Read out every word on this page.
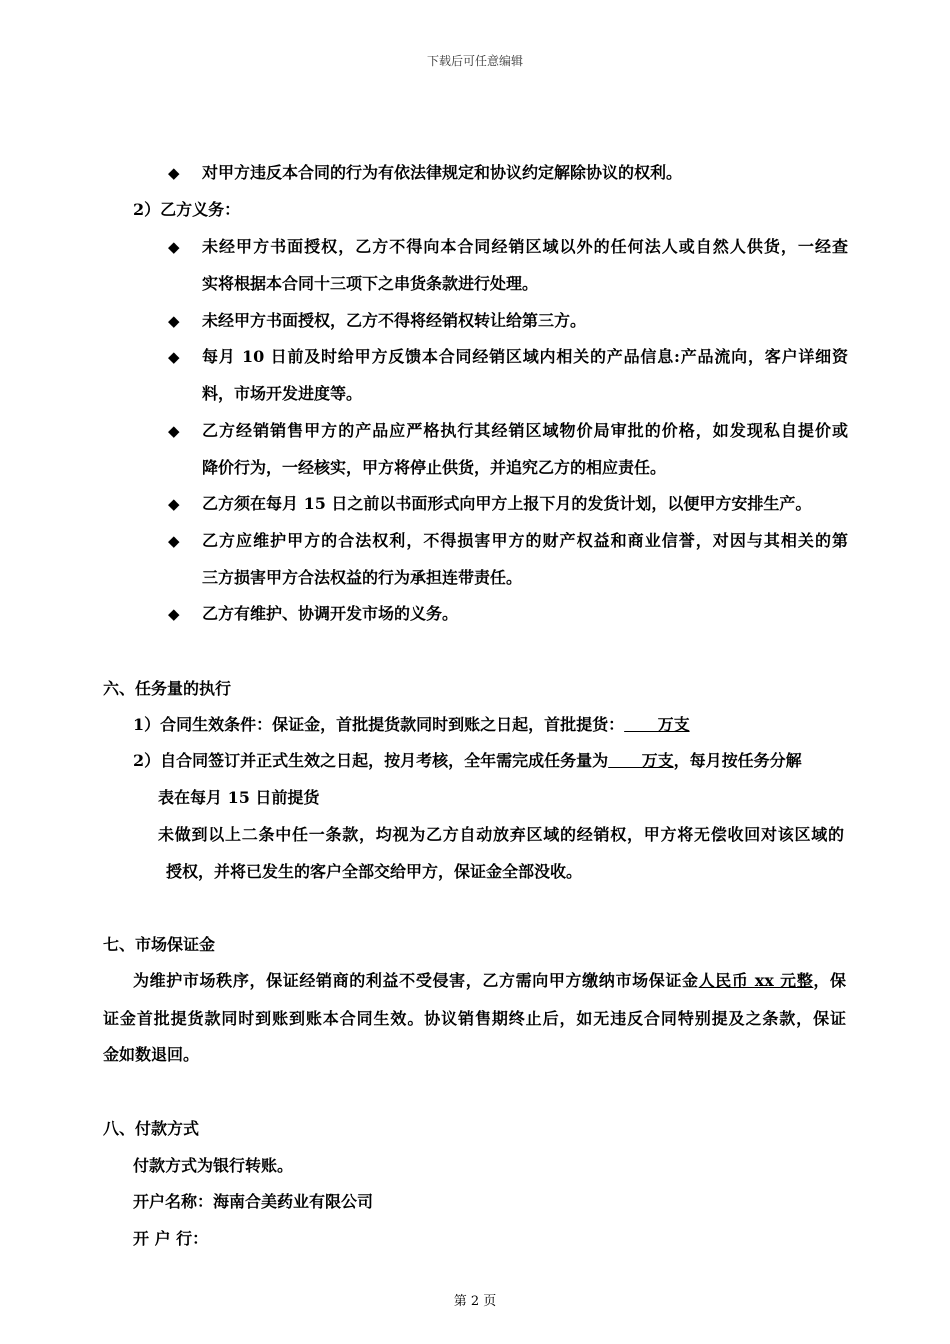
下载后可任意编辑
◆	对甲方违反本合同的行为有依法律规定和协议约定解除协议的权利。
2）乙方义务：
◆	未经甲方书面授权，乙方不得向本合同经销区域以外的任何法人或自然人供货，一经查
实将根据本合同十三项下之串货条款进行处理。
◆	未经甲方书面授权，乙方不得将经销权转让给第三方。
◆	每月 10 日前及时给甲方反馈本合同经销区域内相关的产品信息:产品流向，客户详细资
料，市场开发进度等。
◆	乙方经销销售甲方的产品应严格执行其经销区域物价局审批的价格，如发现私自提价或
降价行为，一经核实，甲方将停止供货，并追究乙方的相应责任。
◆	乙方须在每月 15 日之前以书面形式向甲方上报下月的发货计划，以便甲方安排生产。
◆	乙方应维护甲方的合法权利，不得损害甲方的财产权益和商业信誉，对因与其相关的第
三方损害甲方合法权益的行为承担连带责任。
◆	乙方有维护、协调开发市场的义务。
六、任务量的执行
1）合同生效条件：保证金，首批提货款同时到账之日起，首批提货：      万支
2）自合同签订并正式生效之日起，按月考核，全年需完成任务量为      万支，每月按任务分解
表在每月 15 日前提货
未做到以上二条中任一条款，均视为乙方自动放弃区域的经销权，甲方将无偿收回对该区域的
授权，并将已发生的客户全部交给甲方，保证金全部没收。
七、市场保证金
为维护市场秩序，保证经销商的利益不受侵害，乙方需向甲方缴纳市场保证金人民币 xx 元整，保
证金首批提货款同时到账到账本合同生效。协议销售期终止后，如无违反合同特别提及之条款，保证
金如数退回。
八、付款方式
付款方式为银行转账。
开户名称：海南合美药业有限公司
开 户 行：
第 2 页
